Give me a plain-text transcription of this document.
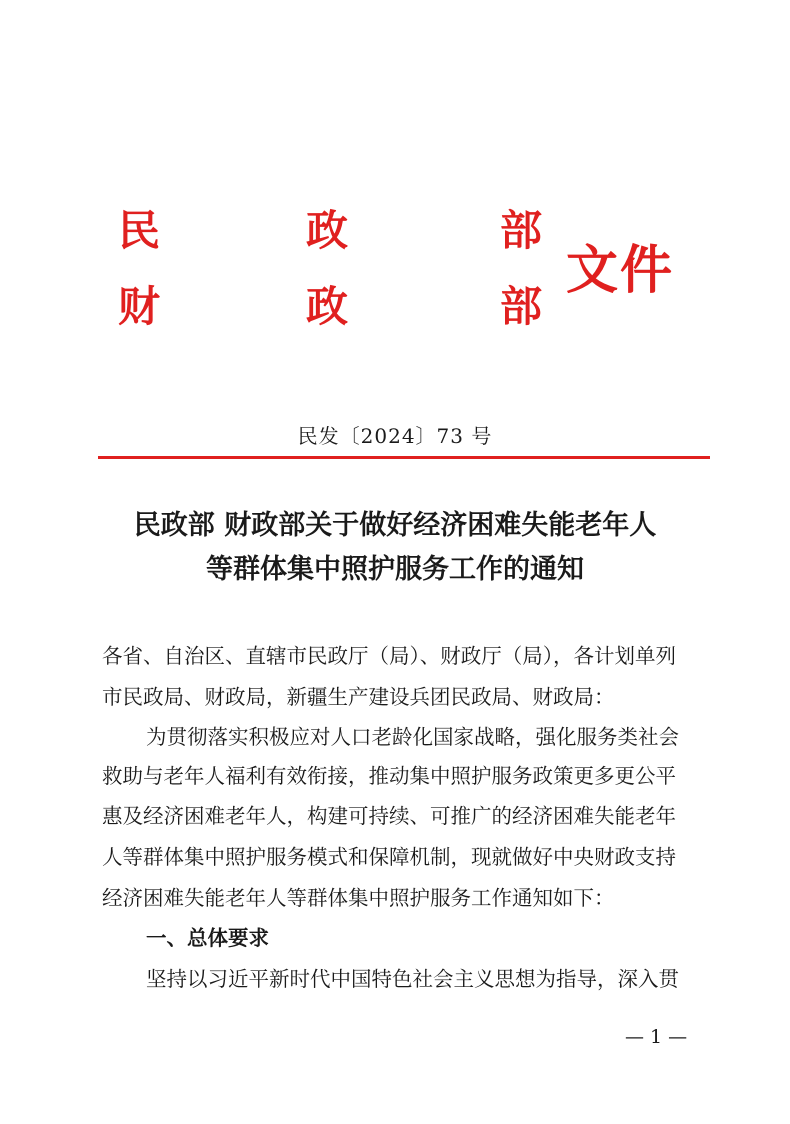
民	政	部
财	政	部
文件
民发〔2024〕73 号
民政部 财政部关于做好经济困难失能老年人
等群体集中照护服务工作的通知
各省、自治区、直辖市民政厅（局）、财政厅（局），各计划单列
市民政局、财政局，新疆生产建设兵团民政局、财政局：
为贯彻落实积极应对人口老龄化国家战略，强化服务类社会
救助与老年人福利有效衔接，推动集中照护服务政策更多更公平
惠及经济困难老年人，构建可持续、可推广的经济困难失能老年
人等群体集中照护服务模式和保障机制，现就做好中央财政支持
经济困难失能老年人等群体集中照护服务工作通知如下：
一、总体要求
坚持以习近平新时代中国特色社会主义思想为指导，深入贯
— 1 —
